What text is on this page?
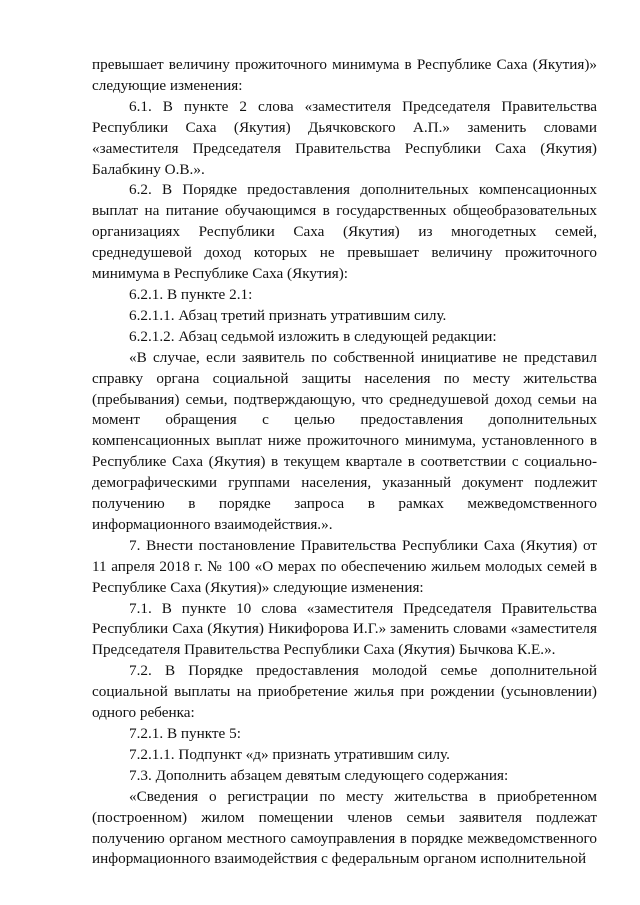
превышает величину прожиточного минимума в Республике Саха (Якутия)» следующие изменения:

6.1. В пункте 2 слова «заместителя Председателя Правительства Республики Саха (Якутия) Дьячковского А.П.» заменить словами «заместителя Председателя Правительства Республики Саха (Якутия) Балабкину О.В.».

6.2. В Порядке предоставления дополнительных компенсационных выплат на питание обучающимся в государственных общеобразовательных организациях Республики Саха (Якутия) из многодетных семей, среднедушевой доход которых не превышает величину прожиточного минимума в Республике Саха (Якутия):

6.2.1. В пункте 2.1:

6.2.1.1. Абзац третий признать утратившим силу.

6.2.1.2. Абзац седьмой изложить в следующей редакции:

«В случае, если заявитель по собственной инициативе не представил справку органа социальной защиты населения по месту жительства (пребывания) семьи, подтверждающую, что среднедушевой доход семьи на момент обращения с целью предоставления дополнительных компенсационных выплат ниже прожиточного минимума, установленного в Республике Саха (Якутия) в текущем квартале в соответствии с социально-демографическими группами населения, указанный документ подлежит получению в порядке запроса в рамках межведомственного информационного взаимодействия.».

7. Внести постановление Правительства Республики Саха (Якутия) от 11 апреля 2018 г. № 100 «О мерах по обеспечению жильем молодых семей в Республике Саха (Якутия)» следующие изменения:

7.1. В пункте 10 слова «заместителя Председателя Правительства Республики Саха (Якутия) Никифорова И.Г.» заменить словами «заместителя Председателя Правительства Республики Саха (Якутия) Бычкова К.Е.».

7.2. В Порядке предоставления молодой семье дополнительной социальной выплаты на приобретение жилья при рождении (усыновлении) одного ребенка:

7.2.1. В пункте 5:

7.2.1.1. Подпункт «д» признать утратившим силу.

7.3. Дополнить абзацем девятым следующего содержания:

«Сведения о регистрации по месту жительства в приобретенном (построенном) жилом помещении членов семьи заявителя подлежат получению органом местного самоуправления в порядке межведомственного информационного взаимодействия с федеральным органом исполнительной
